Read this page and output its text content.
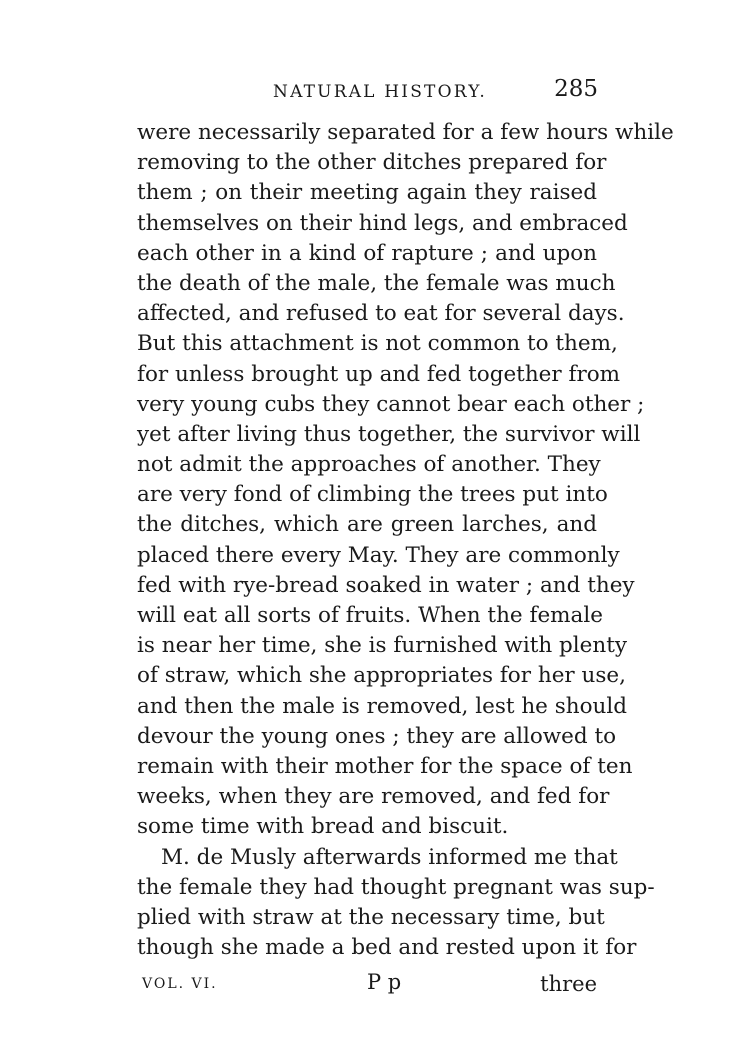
NATURAL HISTORY.	285
were necessarily separated for a few hours while
removing to the other ditches prepared for
them ; on their meeting again they raised
themselves on their hind legs, and embraced
each other in a kind of rapture ; and upon
the death of the male, the female was much
affected, and refused to eat for several days.
But this attachment is not common to them,
for unless brought up and fed together from
very young cubs they cannot bear each other ;
yet after living thus together, the survivor will
not admit the approaches of another. They
are very fond of climbing the trees put into
the ditches, which are green larches, and
placed there every May. They are commonly
fed with rye-bread soaked in water ; and they
will eat all sorts of fruits. When the female
is near her time, she is furnished with plenty
of straw, which she appropriates for her use,
and then the male is removed, lest he should
devour the young ones ; they are allowed to
remain with their mother for the space of ten
weeks, when they are removed, and fed for
some time with bread and biscuit.
M. de Musly afterwards informed me that
the female they had thought pregnant was sup-
plied with straw at the necessary time, but
though she made a bed and rested upon it for
VOL. VI.	P p	three
